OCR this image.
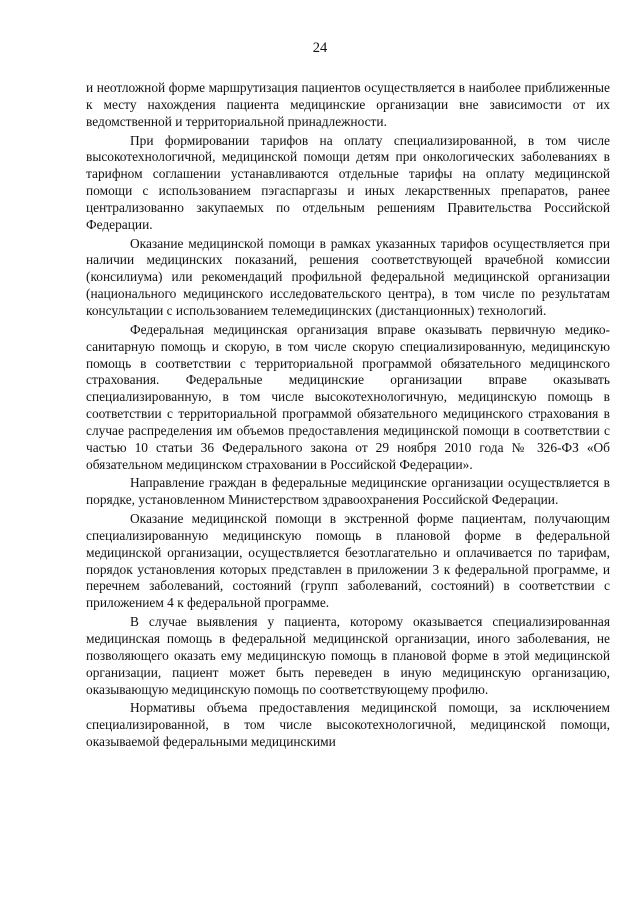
24

и неотложной форме маршрутизация пациентов осуществляется в наиболее приближенные к месту нахождения пациента медицинские организации вне зависимости от их ведомственной и территориальной принадлежности.

При формировании тарифов на оплату специализированной, в том числе высокотехнологичной, медицинской помощи детям при онкологических заболеваниях в тарифном соглашении устанавливаются отдельные тарифы на оплату медицинской помощи с использованием пэгаспаргазы и иных лекарственных препаратов, ранее централизованно закупаемых по отдельным решениям Правительства Российской Федерации.

Оказание медицинской помощи в рамках указанных тарифов осуществляется при наличии медицинских показаний, решения соответствующей врачебной комиссии (консилиума) или рекомендаций профильной федеральной медицинской организации (национального медицинского исследовательского центра), в том числе по результатам консультации с использованием телемедицинских (дистанционных) технологий.

Федеральная медицинская организация вправе оказывать первичную медико-санитарную помощь и скорую, в том числе скорую специализированную, медицинскую помощь в соответствии с территориальной программой обязательного медицинского страхования. Федеральные медицинские организации вправе оказывать специализированную, в том числе высокотехнологичную, медицинскую помощь в соответствии с территориальной программой обязательного медицинского страхования в случае распределения им объемов предоставления медицинской помощи в соответствии с частью 10 статьи 36 Федерального закона от 29 ноября 2010 года № 326-ФЗ «Об обязательном медицинском страховании в Российской Федерации».

Направление граждан в федеральные медицинские организации осуществляется в порядке, установленном Министерством здравоохранения Российской Федерации.

Оказание медицинской помощи в экстренной форме пациентам, получающим специализированную медицинскую помощь в плановой форме в федеральной медицинской организации, осуществляется безотлагательно и оплачивается по тарифам, порядок установления которых представлен в приложении 3 к федеральной программе, и перечнем заболеваний, состояний (групп заболеваний, состояний) в соответствии с приложением 4 к федеральной программе.

В случае выявления у пациента, которому оказывается специализированная медицинская помощь в федеральной медицинской организации, иного заболевания, не позволяющего оказать ему медицинскую помощь в плановой форме в этой медицинской организации, пациент может быть переведен в иную медицинскую организацию, оказывающую медицинскую помощь по соответствующему профилю.

Нормативы объема предоставления медицинской помощи, за исключением специализированной, в том числе высокотехнологичной, медицинской помощи, оказываемой федеральными медицинскими
